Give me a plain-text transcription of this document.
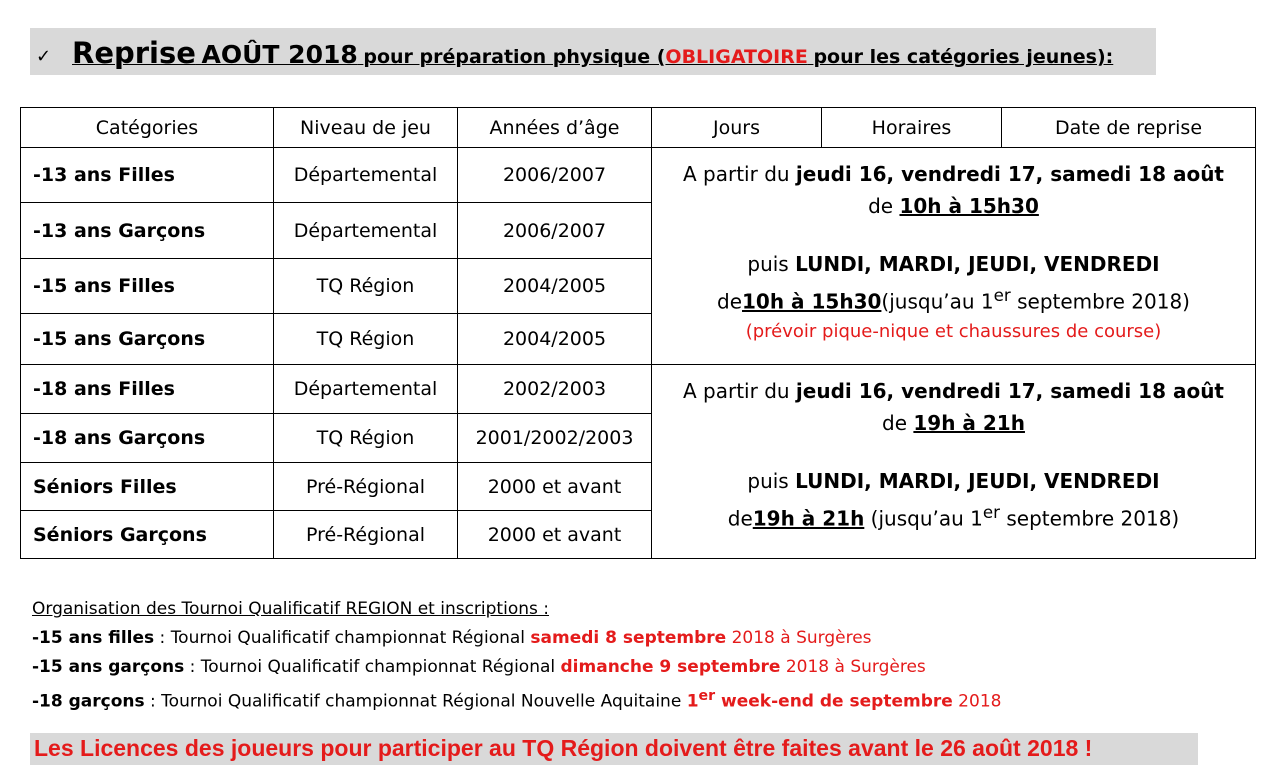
✓ Reprise AOÛT 2018 pour préparation physique (OBLIGATOIRE pour les catégories jeunes):
Catégories	Niveau de jeu	Années d’âge	Jours	Horaires	Date de reprise
-13 ans Filles	Départemental	2006/2007	A partir du jeudi 16, vendredi 17, samedi 18 août
de 10h à 15h30
puis LUNDI, MARDI, JEUDI, VENDREDI
de10h à 15h30(jusqu’au 1er septembre 2018)
(prévoir pique-nique et chaussures de course)		

-13 ans Garçons	Départemental	2006/2007			
-15 ans Filles	TQ Région	2004/2005			
-15 ans Garçons	TQ Région	2004/2005			
-18 ans Filles	Départemental	2002/2003	A partir du jeudi 16, vendredi 17, samedi 18 août
de 19h à 21h
puis LUNDI, MARDI, JEUDI, VENDREDI
de19h à 21h (jusqu’au 1er septembre 2018)		

-18 ans Garçons	TQ Région	2001/2002/2003			
Séniors Filles	Pré-Régional	2000 et avant			
Séniors Garçons	Pré-Régional	2000 et avant			
Organisation des Tournoi Qualificatif REGION et inscriptions :
-15 ans filles : Tournoi Qualificatif championnat Régional samedi 8 septembre 2018 à Surgères
-15 ans garçons : Tournoi Qualificatif championnat Régional dimanche 9 septembre 2018 à Surgères
-18 garçons : Tournoi Qualificatif championnat Régional Nouvelle Aquitaine 1er week-end de septembre 2018
Les Licences des joueurs pour participer au TQ Région doivent être faites avant le 26 août 2018 !
